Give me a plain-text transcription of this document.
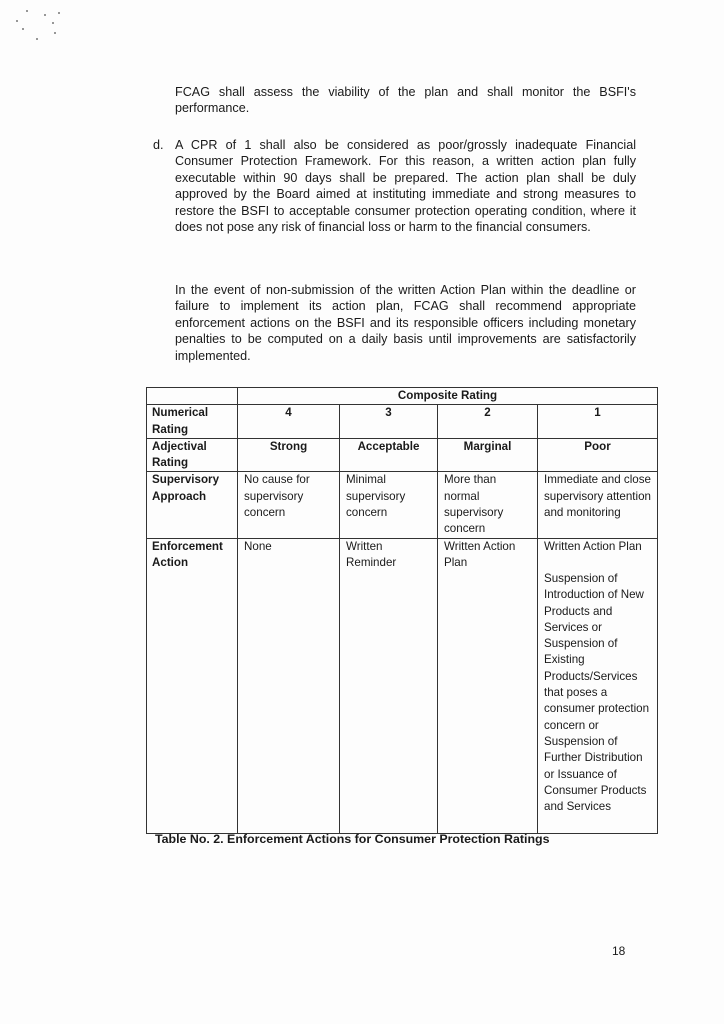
FCAG shall assess the viability of the plan and shall monitor the BSFI's performance.

d. A CPR of 1 shall also be considered as poor/grossly inadequate Financial Consumer Protection Framework. For this reason, a written action plan fully executable within 90 days shall be prepared. The action plan shall be duly approved by the Board aimed at instituting immediate and strong measures to restore the BSFI to acceptable consumer protection operating condition, where it does not pose any risk of financial loss or harm to the financial consumers.

In the event of non-submission of the written Action Plan within the deadline or failure to implement its action plan, FCAG shall recommend appropriate enforcement actions on the BSFI and its responsible officers including monetary penalties to be computed on a daily basis until improvements are satisfactorily implemented.

	Composite Rating			
Numerical Rating	4	3	2	1
Adjectival Rating	Strong	Acceptable	Marginal	Poor
Supervisory Approach	No cause for supervisory concern	Minimal supervisory concern	More than normal supervisory concern	Immediate and close supervisory attention and monitoring
Enforcement Action	None	Written Reminder	Written Action Plan	Written Action Plan
Suspension of Introduction of New Products and Services or Suspension of Existing Products/Services that poses a consumer protection concern or Suspension of Further Distribution or Issuance of Consumer Products and Services

Table No. 2. Enforcement Actions for Consumer Protection Ratings

18
